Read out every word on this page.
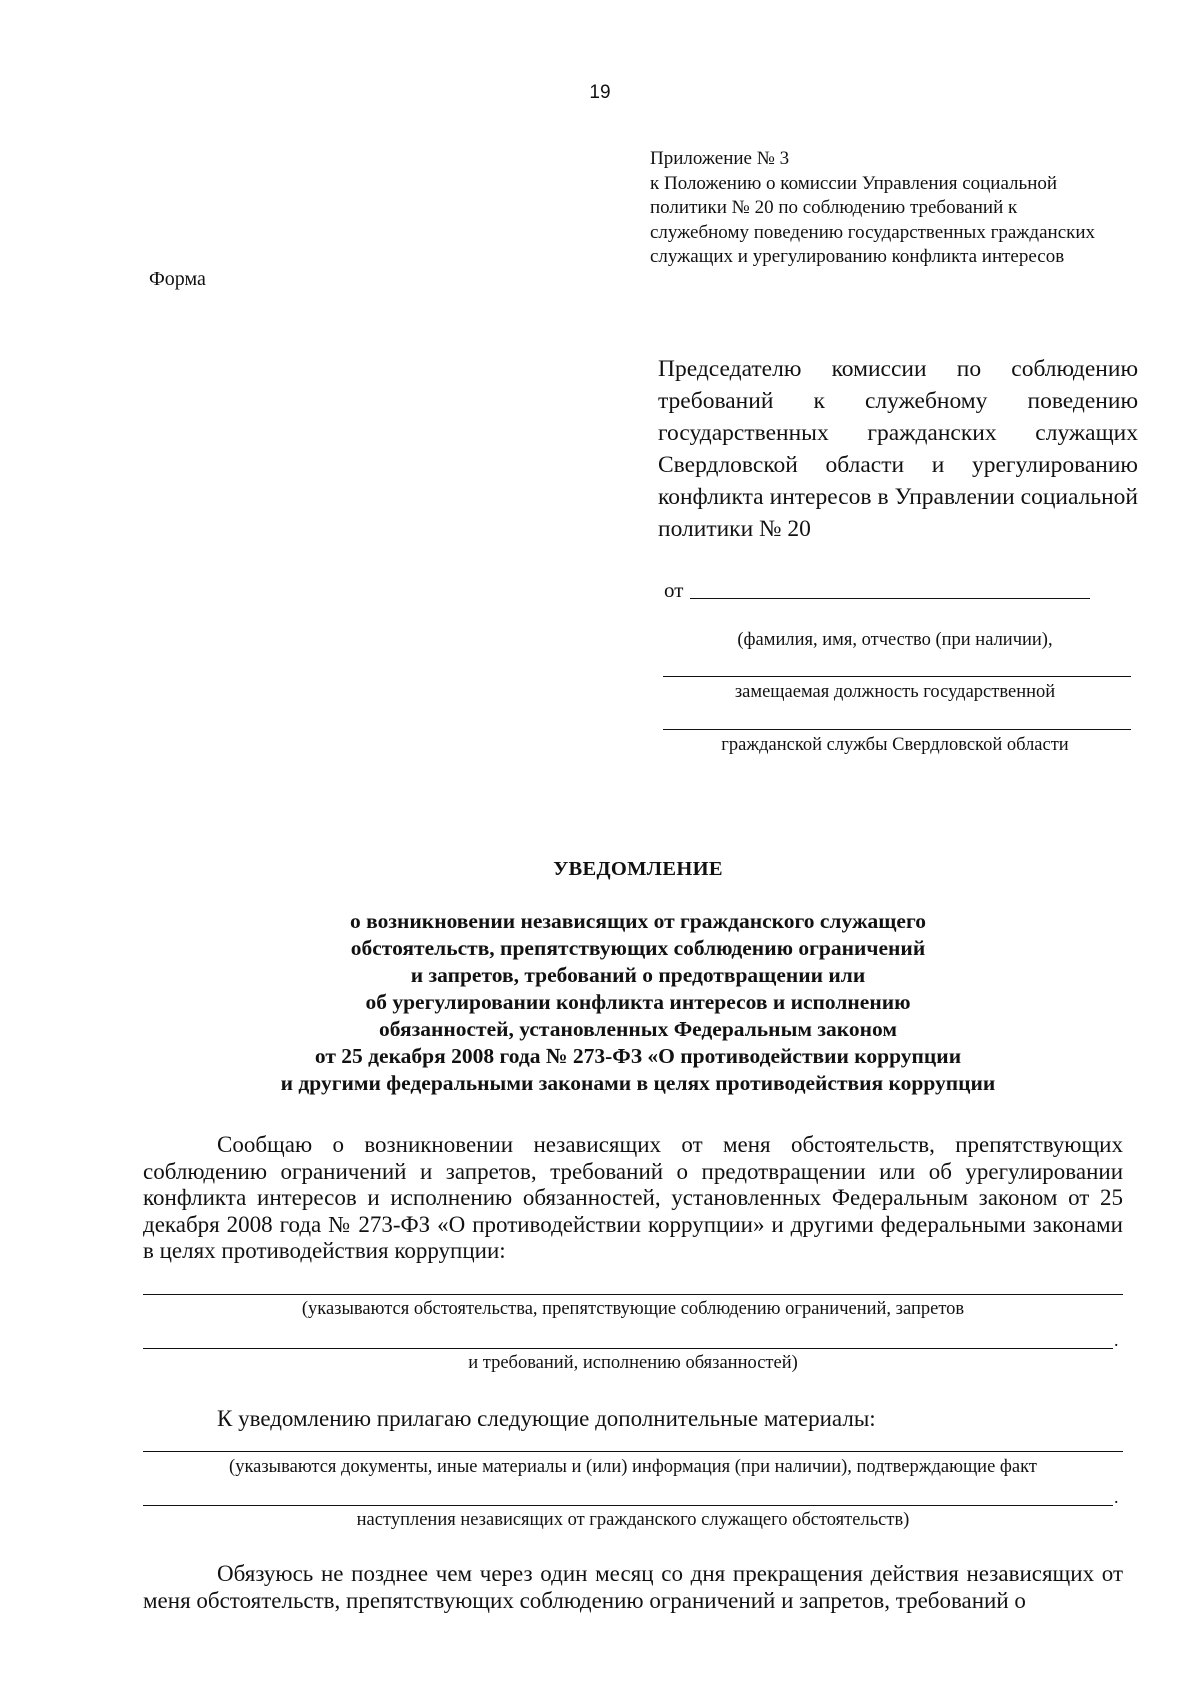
19
Приложение № 3
к Положению о комиссии Управления социальной
политики № 20 по соблюдению требований к
служебному поведению государственных гражданских
служащих и урегулированию конфликта интересов
Форма
Председателю комиссии по соблюдению требований к служебному поведению государственных гражданских служащих Свердловской области и урегулированию конфликта интересов в Управлении социальной политики № 20
от
(фамилия, имя, отчество (при наличии),
замещаемая должность государственной
гражданской службы Свердловской области
УВЕДОМЛЕНИЕ
о возникновении независящих от гражданского служащего
обстоятельств, препятствующих соблюдению ограничений
и запретов, требований о предотвращении или
об урегулировании конфликта интересов и исполнению
обязанностей, установленных Федеральным законом
от 25 декабря 2008 года № 273-ФЗ «О противодействии коррупции
и другими федеральными законами в целях противодействия коррупции
Сообщаю о возникновении независящих от меня обстоятельств, препятствующих соблюдению ограничений и запретов, требований о предотвращении или об урегулировании конфликта интересов и исполнению обязанностей, установленных Федеральным законом от 25 декабря 2008 года № 273-ФЗ «О противодействии коррупции» и другими федеральными законами в целях противодействия коррупции:
(указываются обстоятельства, препятствующие соблюдению ограничений, запретов
.
и требований, исполнению обязанностей)
К уведомлению прилагаю следующие дополнительные материалы:
(указываются документы, иные материалы и (или) информация (при наличии), подтверждающие факт
.
наступления независящих от гражданского служащего обстоятельств)
Обязуюсь не позднее чем через один месяц со дня прекращения действия независящих от меня обстоятельств, препятствующих соблюдению ограничений и запретов, требований о
